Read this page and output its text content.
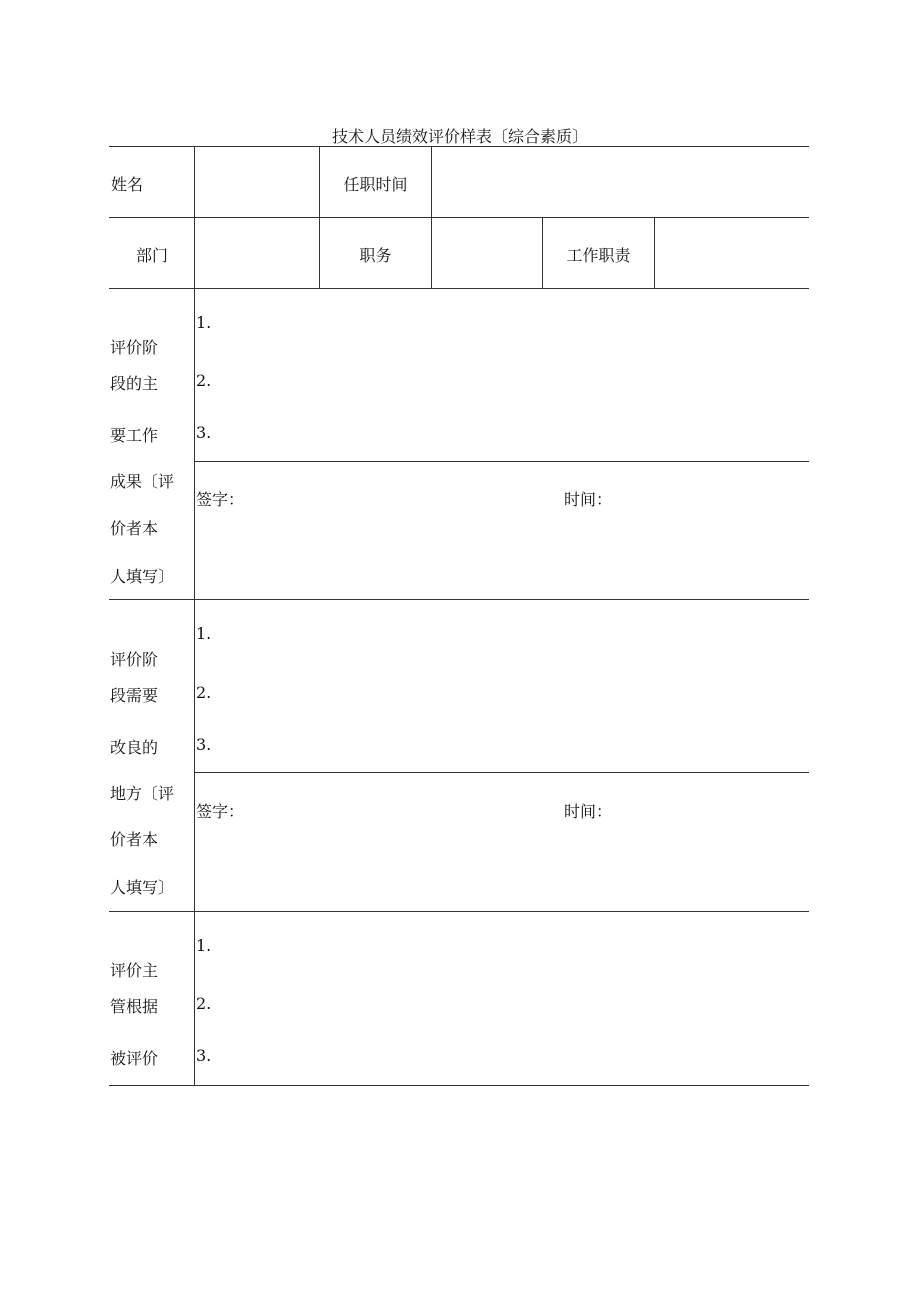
技术人员绩效评价样表〔综合素质〕
姓名	任职时间
部门	职务	工作职责
评价阶
段的主
要工作
成果〔评
价者本
人填写〕
1.
2.
3.
签字：	时间：
评价阶
段需要
改良的
地方〔评
价者本
人填写〕
1.
2.
3.
签字：	时间：
评价主
管根据
被评价
1.
2.
3.
